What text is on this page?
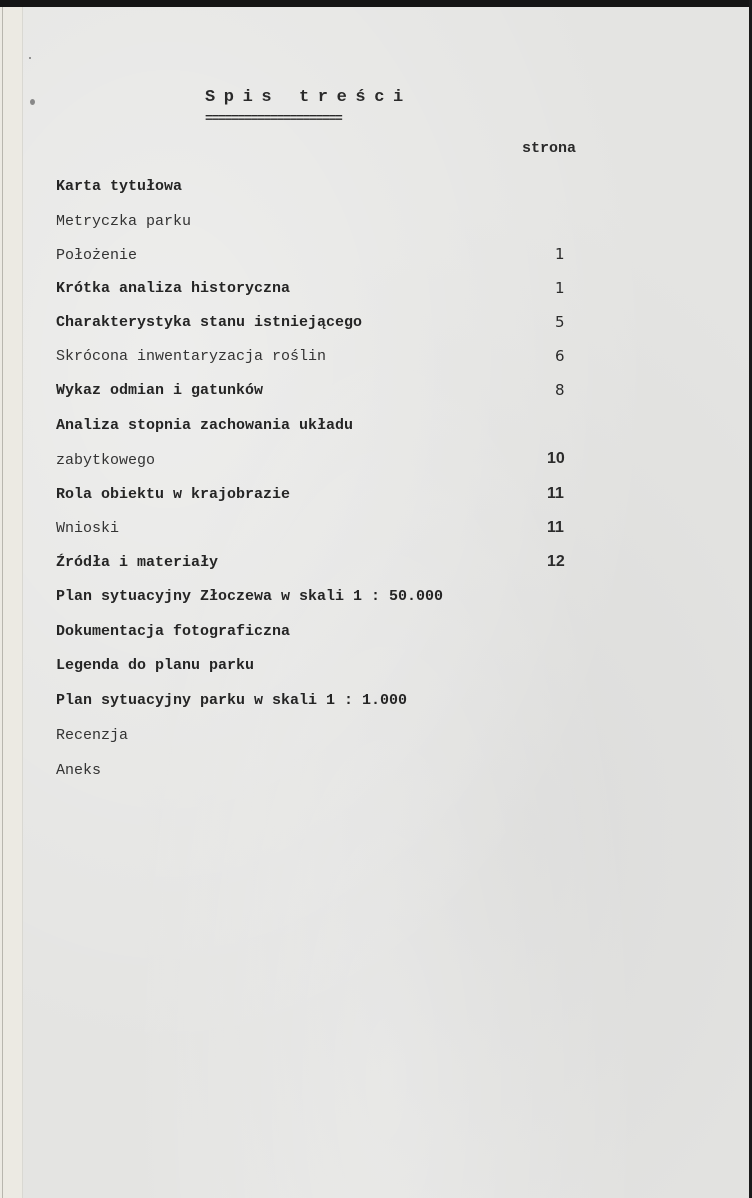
Spis treści
=====================
strona
Karta tytułowa
Metryczka parku
Położenie
Krótka analiza historyczna
Charakterystyka stanu istniejącego
Skrócona inwentaryzacja roślin
Wykaz odmian i gatunków
Analiza stopnia zachowania układu
zabytkowego
Rola obiektu w krajobrazie
Wnioski
Źródła i materiały
Plan sytuacyjny Złoczewa w skali 1 : 50.000
Dokumentacja fotograficzna
Legenda do planu parku
Plan sytuacyjny parku w skali 1 : 1.000
Recenzja
Aneks
1
1
5
6
8
10
11
11
12
